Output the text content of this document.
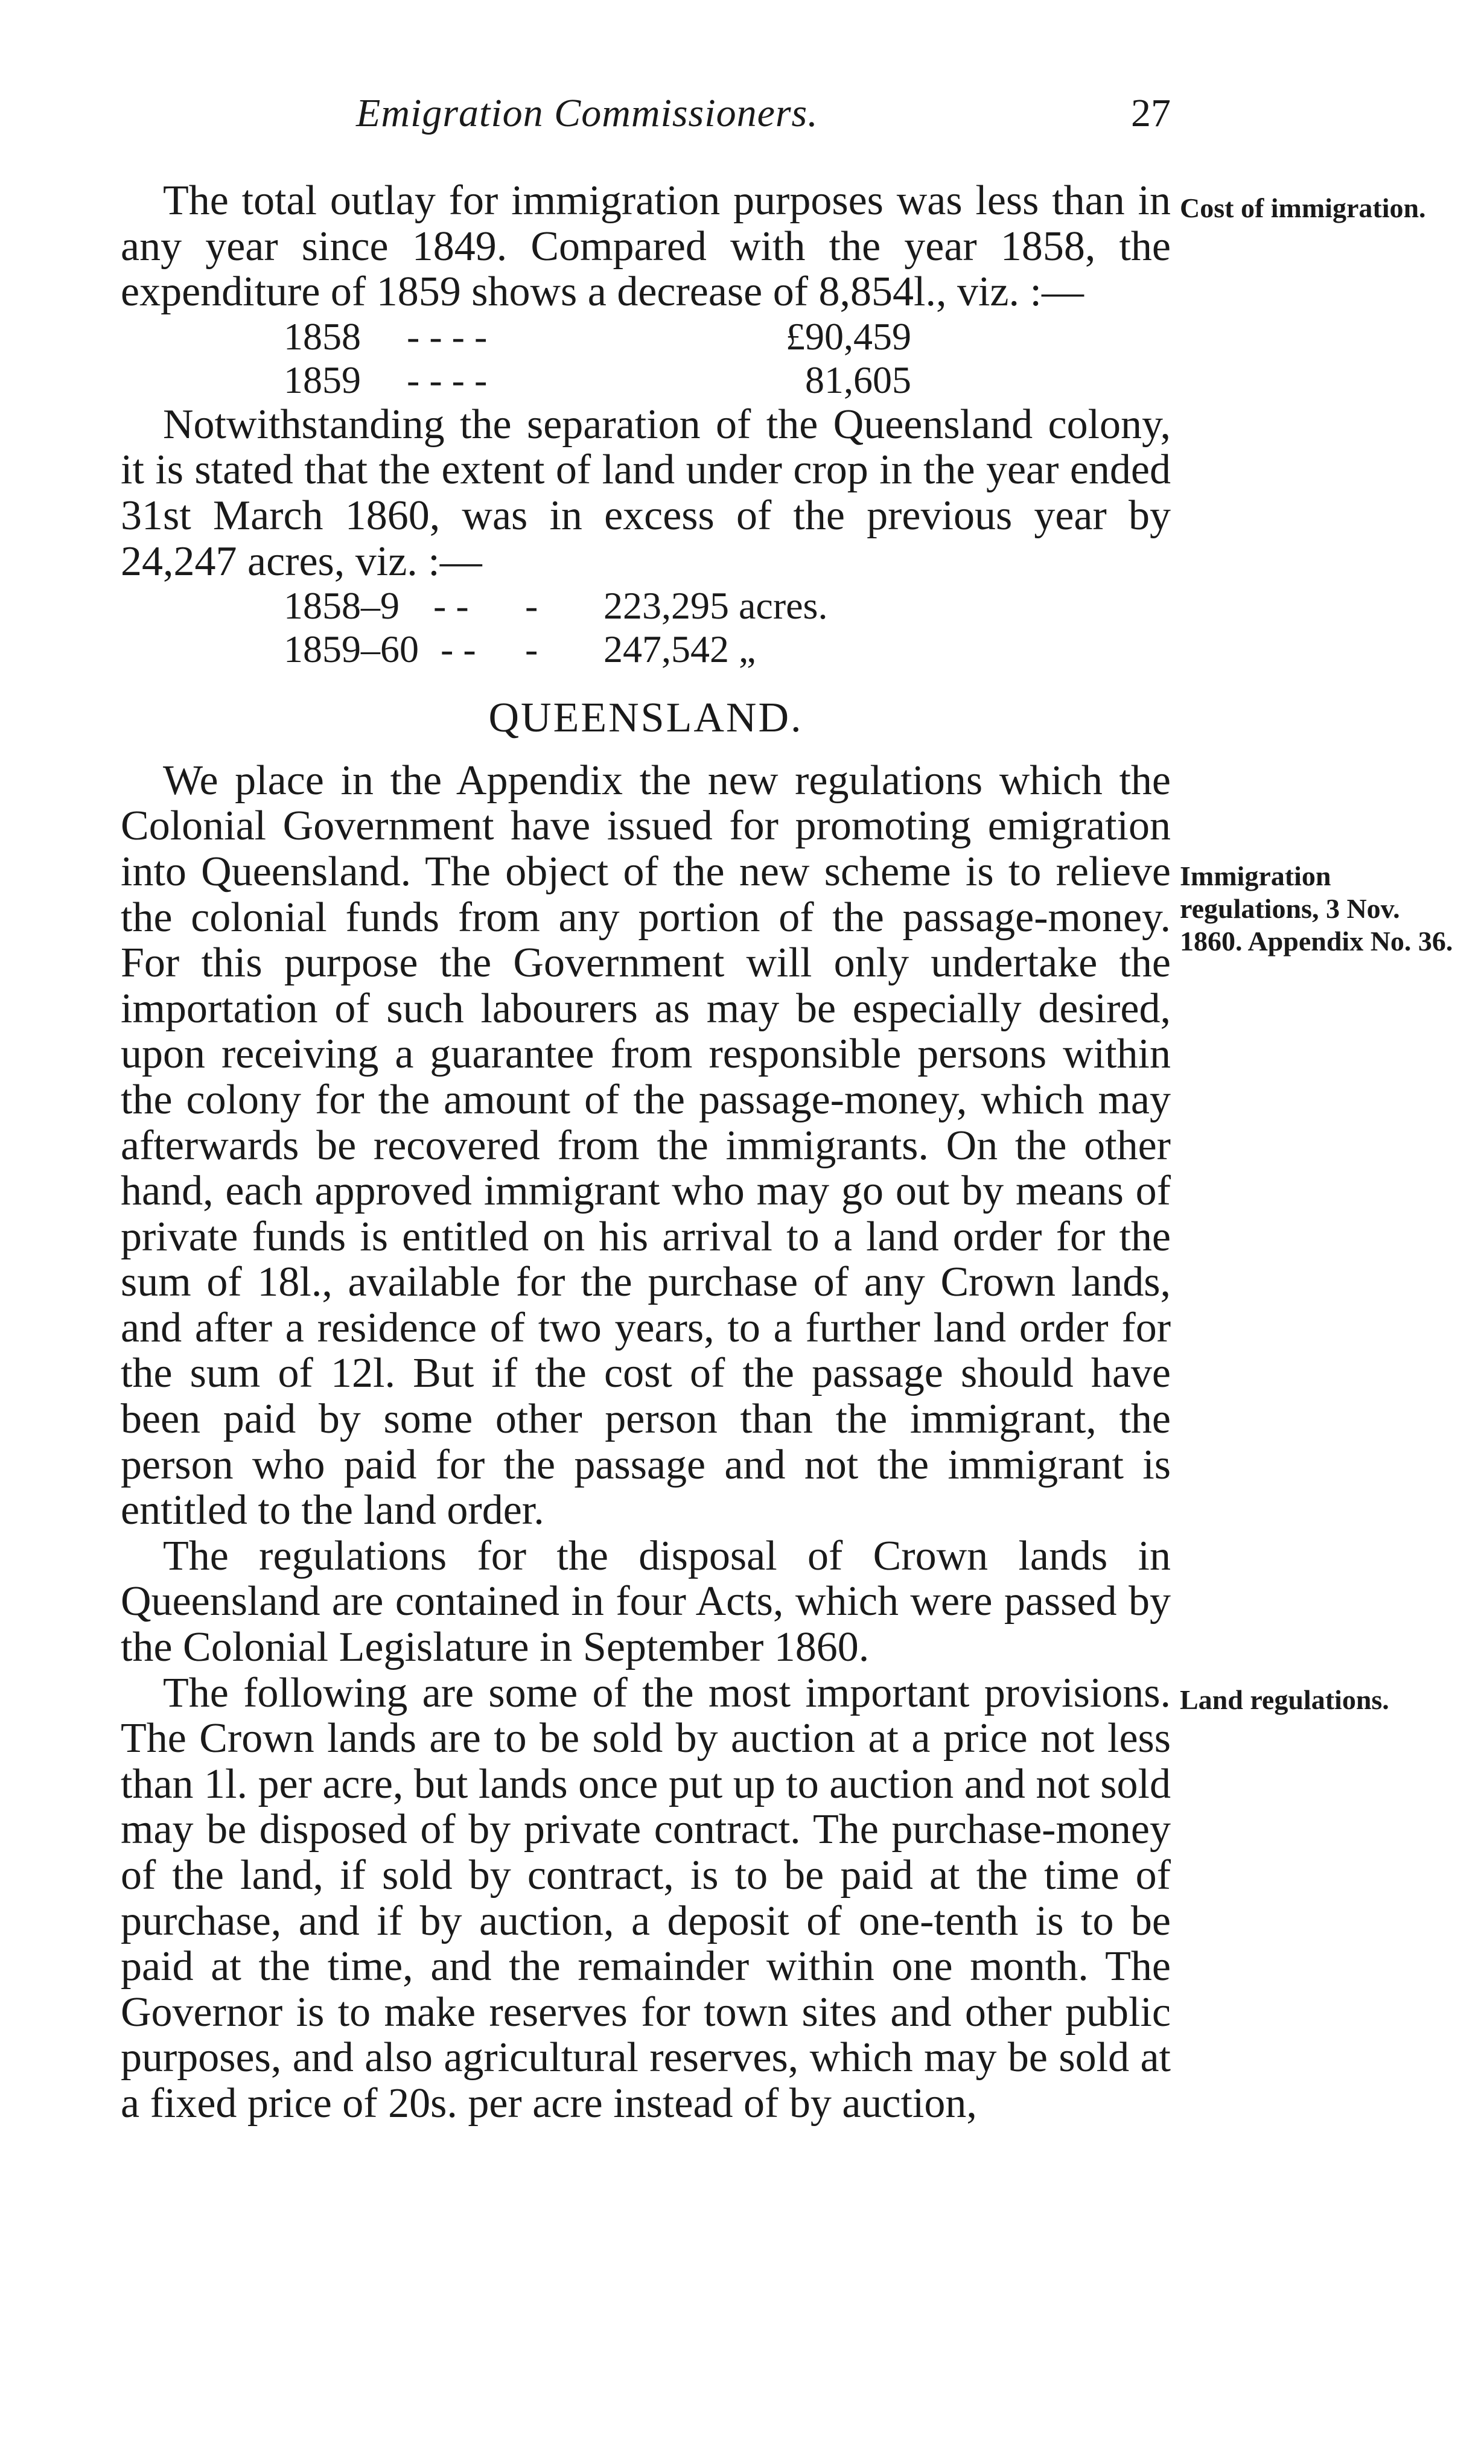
Emigration Commissioners.	27

The total outlay for immigration purposes was less than in any year since 1849. Compared with the year 1858, the expenditure of 1859 shows a decrease of 8,854l., viz. :—

1858 - - - -	£90,459
1859 - - - -	81,605

Notwithstanding the separation of the Queensland colony, it is stated that the extent of land under crop in the year ended 31st March 1860, was in excess of the previous year by 24,247 acres, viz. :—

1858–9 - -	-	223,295 acres.
1859–60 - -	-	247,542 „
QUEENSLAND.

We place in the Appendix the new regulations which the Colonial Government have issued for promoting emigration into Queensland. The object of the new scheme is to relieve the colonial funds from any portion of the passage-money. For this purpose the Government will only undertake the importation of such labourers as may be especially desired, upon receiving a guarantee from responsible persons within the colony for the amount of the passage-money, which may afterwards be recovered from the immigrants. On the other hand, each approved immigrant who may go out by means of private funds is entitled on his arrival to a land order for the sum of 18l., available for the purchase of any Crown lands, and after a residence of two years, to a further land order for the sum of 12l. But if the cost of the passage should have been paid by some other person than the immigrant, the person who paid for the passage and not the immigrant is entitled to the land order.

The regulations for the disposal of Crown lands in Queensland are contained in four Acts, which were passed by the Colonial Legislature in September 1860.

The following are some of the most important provisions. The Crown lands are to be sold by auction at a price not less than 1l. per acre, but lands once put up to auction and not sold may be disposed of by private contract. The purchase-money of the land, if sold by contract, is to be paid at the time of purchase, and if by auction, a deposit of one-tenth is to be paid at the time, and the remainder within one month. The Governor is to make reserves for town sites and other public purposes, and also agricultural reserves, which may be sold at a fixed price of 20s. per acre instead of by auction,

Cost of immigration.
Immigration regulations, 3 Nov. 1860. Appendix No. 36.
Land regulations.
